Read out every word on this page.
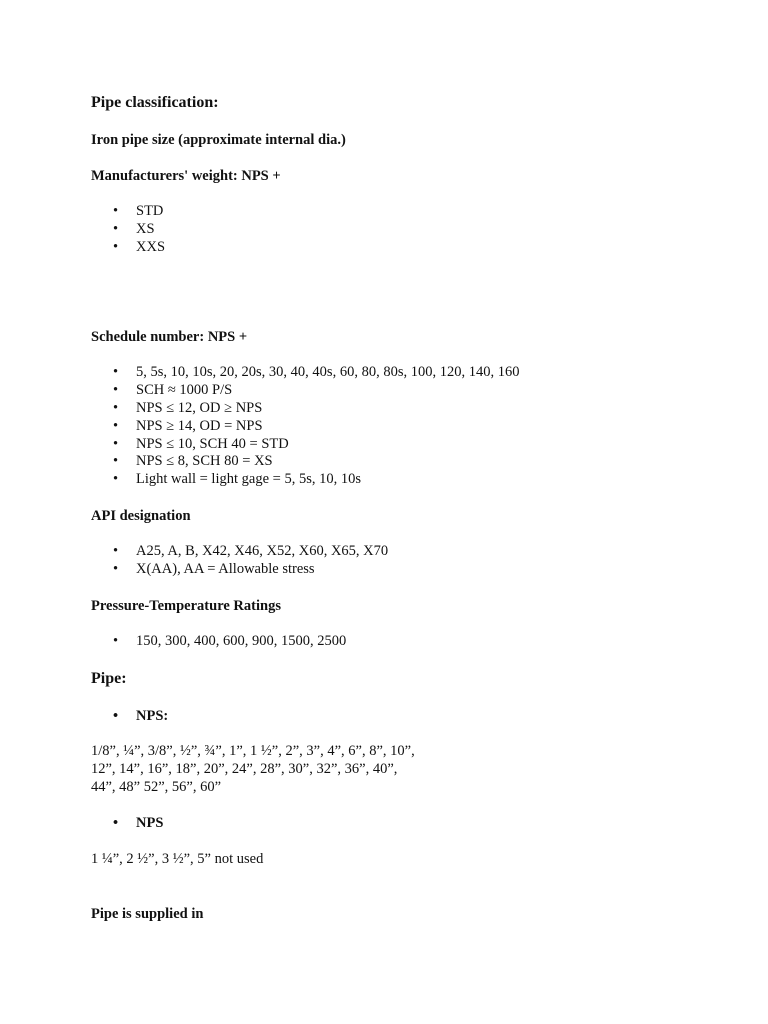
Pipe classification:
Iron pipe size (approximate internal dia.)
Manufacturers' weight: NPS +
• STD
• XS
• XXS
Schedule number: NPS +
• 5, 5s, 10, 10s, 20, 20s, 30, 40, 40s, 60, 80, 80s, 100, 120, 140, 160
• SCH ≈ 1000 P/S
• NPS ≤ 12, OD ≥ NPS
• NPS ≥ 14, OD = NPS
• NPS ≤ 10, SCH 40 = STD
• NPS ≤ 8, SCH 80 = XS
• Light wall = light gage = 5, 5s, 10, 10s
API designation
• A25, A, B, X42, X46, X52, X60, X65, X70
• X(AA), AA = Allowable stress
Pressure-Temperature Ratings
• 150, 300, 400, 600, 900, 1500, 2500
Pipe:
• NPS:
1/8”, ¼”, 3/8”, ½”, ¾”, 1”, 1 ½”, 2”, 3”, 4”, 6”, 8”, 10”,
12”, 14”, 16”, 18”, 20”, 24”, 28”, 30”, 32”, 36”, 40”,
44”, 48” 52”, 56”, 60”
• NPS
1 ¼”, 2 ½”, 3 ½”, 5” not used
Pipe is supplied in
